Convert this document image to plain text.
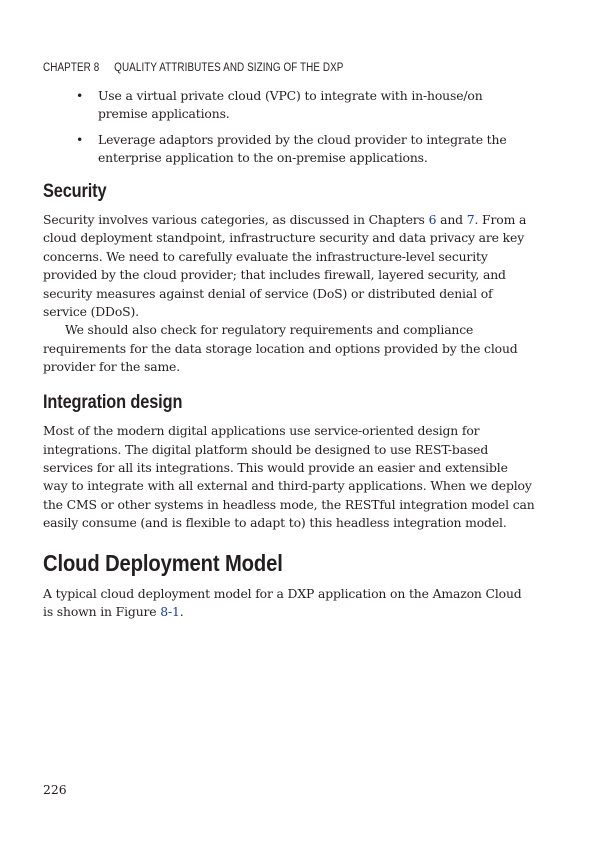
CHAPTER 8 QUALITY ATTRIBUTES AND SIZING OF THE DXP
• Use a virtual private cloud (VPC) to integrate with in-house/on
premise applications.
• Leverage adaptors provided by the cloud provider to integrate the
enterprise application to the on-premise applications.
Security

Security involves various categories, as discussed in Chapters 6 and 7. From a cloud deployment standpoint, infrastructure security and data privacy are key concerns. We need to carefully evaluate the infrastructure-level security provided by the cloud provider; that includes firewall, layered security, and security measures against denial of service (DoS) or distributed denial of service (DDoS).

We should also check for regulatory requirements and compliance requirements for the data storage location and options provided by the cloud provider for the same.

Integration design

Most of the modern digital applications use service-oriented design for integrations. The digital platform should be designed to use REST-based services for all its integrations. This would provide an easier and extensible way to integrate with all external and third-party applications. When we deploy the CMS or other systems in headless mode, the RESTful integration model can easily consume (and is flexible to adapt to) this headless integration model.

Cloud Deployment Model

A typical cloud deployment model for a DXP application on the Amazon Cloud is shown in Figure 8-1.

226
